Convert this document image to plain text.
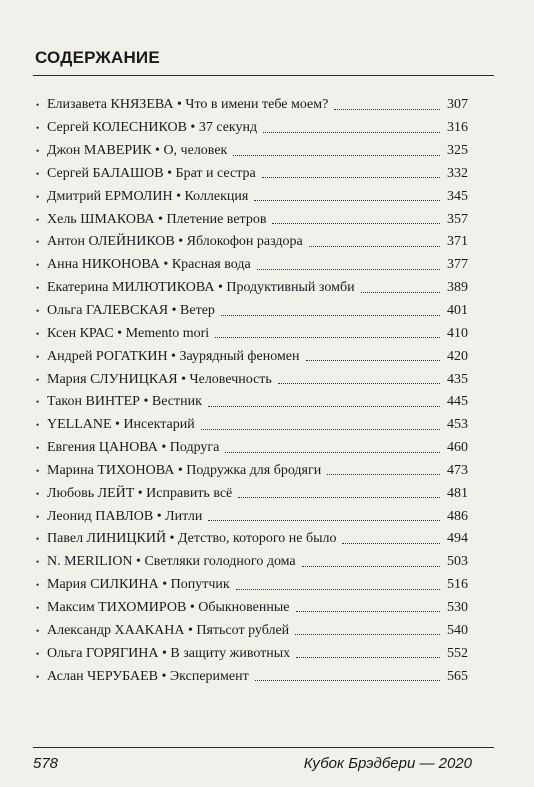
СОДЕРЖАНИЕ
• Елизавета КНЯЗЕВА • Что в имени тебе моем?	307
• Сергей КОЛЕСНИКОВ • 37 секунд	316
• Джон МАВЕРИК • О, человек	325
• Сергей БАЛАШОВ • Брат и сестра	332
• Дмитрий ЕРМОЛИН • Коллекция	345
• Хель ШМАКОВА • Плетение ветров	357
• Антон ОЛЕЙНИКОВ • Яблокофон раздора	371
• Анна НИКОНОВА • Красная вода	377
• Екатерина МИЛЮТИКОВА • Продуктивный зомби	389
• Ольга ГАЛЕВСКАЯ • Ветер	401
• Ксен КРАС • Memento mori	410
• Андрей РОГАТКИН • Заурядный феномен	420
• Мария СЛУНИЦКАЯ • Человечность	435
• Такон ВИНТЕР • Вестник	445
• YELLANE • Инсектарий	453
• Евгения ЦАНОВА • Подруга	460
• Марина ТИХОНОВА • Подружка для бродяги	473
• Любовь ЛЕЙТ • Исправить всё	481
• Леонид ПАВЛОВ • Литли	486
• Павел ЛИНИЦКИЙ • Детство, которого не было	494
• N. MERILION • Светляки голодного дома	503
• Мария СИЛКИНА • Попутчик	516
• Максим ТИХОМИРОВ • Обыкновенные	530
• Александр ХААКАНА • Пятьсот рублей	540
• Ольга ГОРЯГИНА • В защиту животных	552
• Аслан ЧЕРУБАЕВ • Эксперимент	565
578	Кубок Брэдбери — 2020
